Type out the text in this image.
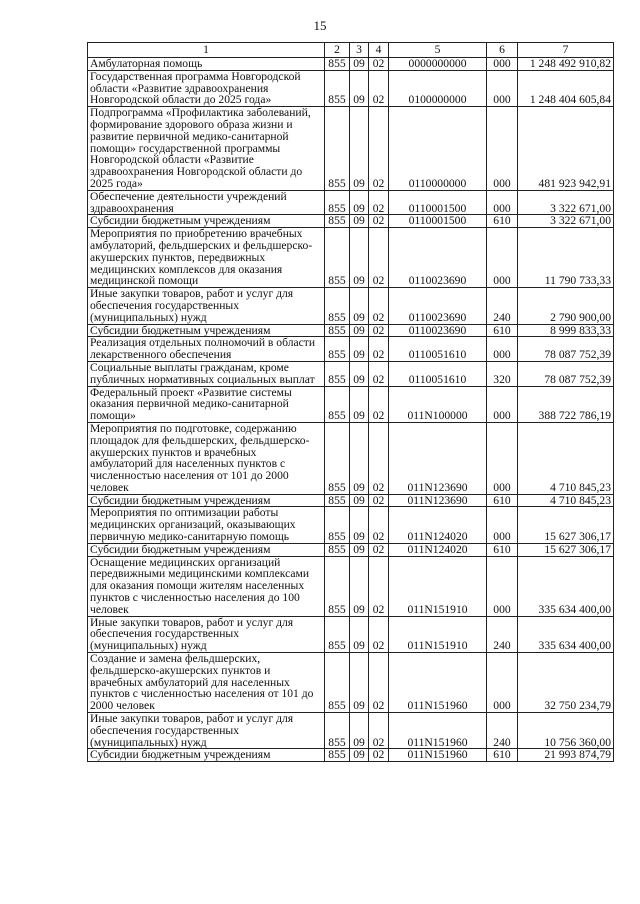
15
1	2	3	4	5	6	7
Амбулаторная помощь	855	09	02	0000000000	000	1 248 492 910,82
Государственная программа Новгородской области «Развитие здравоохранения Новгородской области до 2025 года»	855	09	02	0100000000	000	1 248 404 605,84
Подпрограмма «Профилактика заболеваний, формирование здорового образа жизни и развитие первичной медико-санитарной помощи» государственной программы Новгородской области «Развитие здравоохранения Новгородской области до 2025 года»	855	09	02	0110000000	000	481 923 942,91
Обеспечение деятельности учреждений здравоохранения	855	09	02	0110001500	000	3 322 671,00
Субсидии бюджетным учреждениям	855	09	02	0110001500	610	3 322 671,00
Мероприятия по приобретению врачебных амбулаторий, фельдшерских и фельдшерско-акушерских пунктов, передвижных медицинских комплексов для оказания медицинской помощи	855	09	02	0110023690	000	11 790 733,33
Иные закупки товаров, работ и услуг для обеспечения государственных (муниципальных) нужд	855	09	02	0110023690	240	2 790 900,00
Субсидии бюджетным учреждениям	855	09	02	0110023690	610	8 999 833,33
Реализация отдельных полномочий в области лекарственного обеспечения	855	09	02	0110051610	000	78 087 752,39
Социальные выплаты гражданам, кроме публичных нормативных социальных выплат	855	09	02	0110051610	320	78 087 752,39
Федеральный проект «Развитие системы оказания первичной медико-санитарной помощи»	855	09	02	011N100000	000	388 722 786,19
Мероприятия по подготовке, содержанию площадок для фельдшерских, фельдшерско-акушерских пунктов и врачебных амбулаторий для населенных пунктов с численностью населения от 101 до 2000 человек	855	09	02	011N123690	000	4 710 845,23
Субсидии бюджетным учреждениям	855	09	02	011N123690	610	4 710 845,23
Мероприятия по оптимизации работы медицинских организаций, оказывающих первичную медико-санитарную помощь	855	09	02	011N124020	000	15 627 306,17
Субсидии бюджетным учреждениям	855	09	02	011N124020	610	15 627 306,17
Оснащение медицинских организаций передвижными медицинскими комплексами для оказания помощи жителям населенных пунктов с численностью населения до 100 человек	855	09	02	011N151910	000	335 634 400,00
Иные закупки товаров, работ и услуг для обеспечения государственных (муниципальных) нужд	855	09	02	011N151910	240	335 634 400,00
Создание и замена фельдшерских, фельдшерско-акушерских пунктов и врачебных амбулаторий для населенных пунктов с численностью населения от 101 до 2000 человек	855	09	02	011N151960	000	32 750 234,79
Иные закупки товаров, работ и услуг для обеспечения государственных (муниципальных) нужд	855	09	02	011N151960	240	10 756 360,00
Субсидии бюджетным учреждениям	855	09	02	011N151960	610	21 993 874,79
